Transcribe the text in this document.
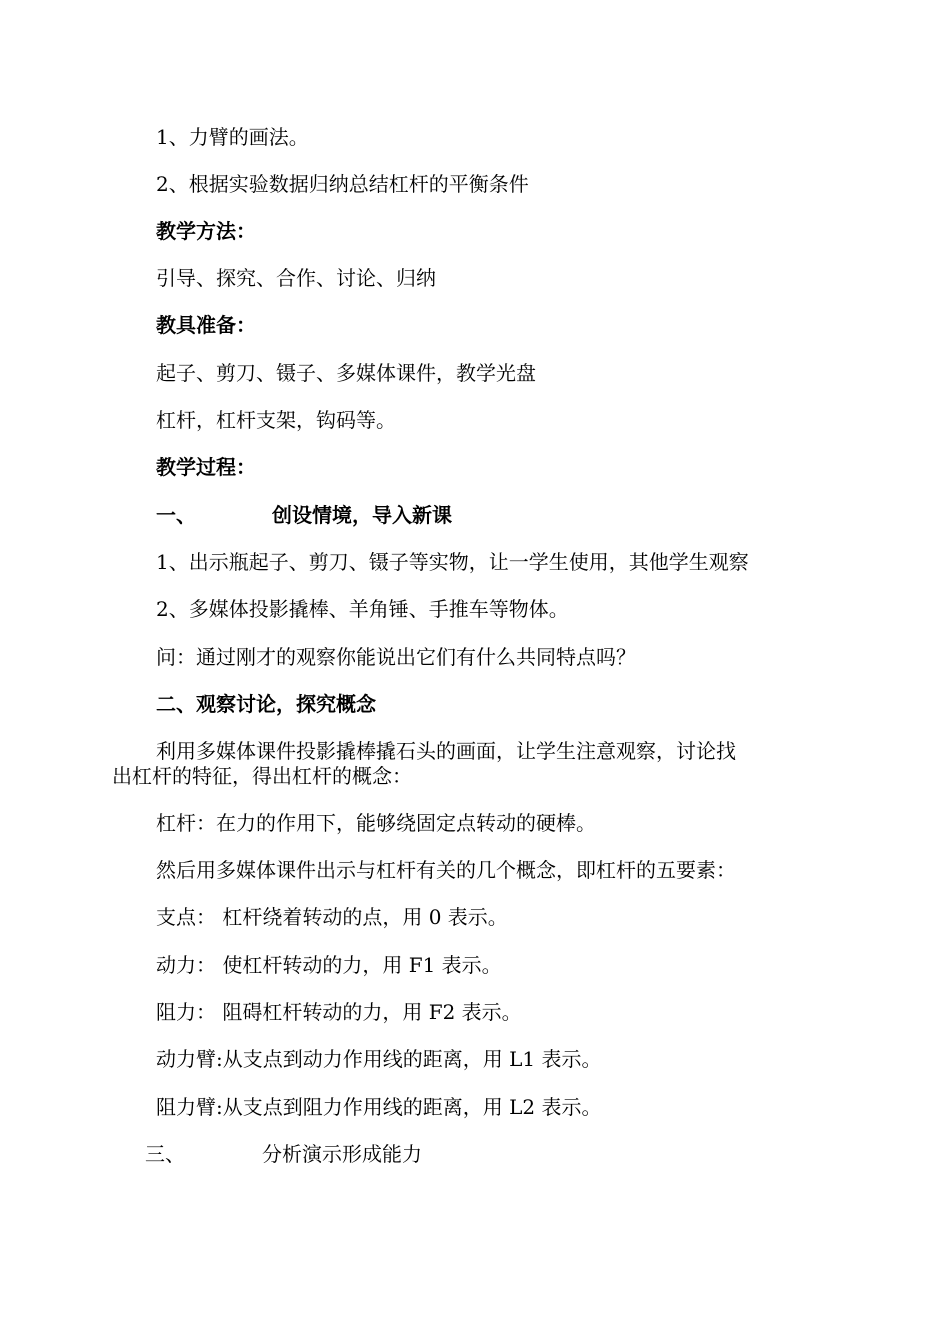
1、力臂的画法。
2、根据实验数据归纳总结杠杆的平衡条件
教学方法：
引导、探究、合作、讨论、归纳
教具准备：
起子、剪刀、镊子、多媒体课件，教学光盘
杠杆，杠杆支架，钩码等。
教学过程：
一、	创设情境，导入新课
1、出示瓶起子、剪刀、镊子等实物，让一学生使用，其他学生观察
2、多媒体投影撬棒、羊角锤、手推车等物体。
问：通过刚才的观察你能说出它们有什么共同特点吗？
二、观察讨论，探究概念
利用多媒体课件投影撬棒撬石头的画面，让学生注意观察，讨论找
出杠杆的特征，得出杠杆的概念：
杠杆：在力的作用下，能够绕固定点转动的硬棒。
然后用多媒体课件出示与杠杆有关的几个概念，即杠杆的五要素：
支点： 杠杆绕着转动的点，用 0 表示。
动力： 使杠杆转动的力，用 F1 表示。
阻力： 阻碍杠杆转动的力，用 F2 表示。
动力臂:从支点到动力作用线的距离，用 L1 表示。
阻力臂:从支点到阻力作用线的距离，用 L2 表示。
三、	分析演示形成能力
